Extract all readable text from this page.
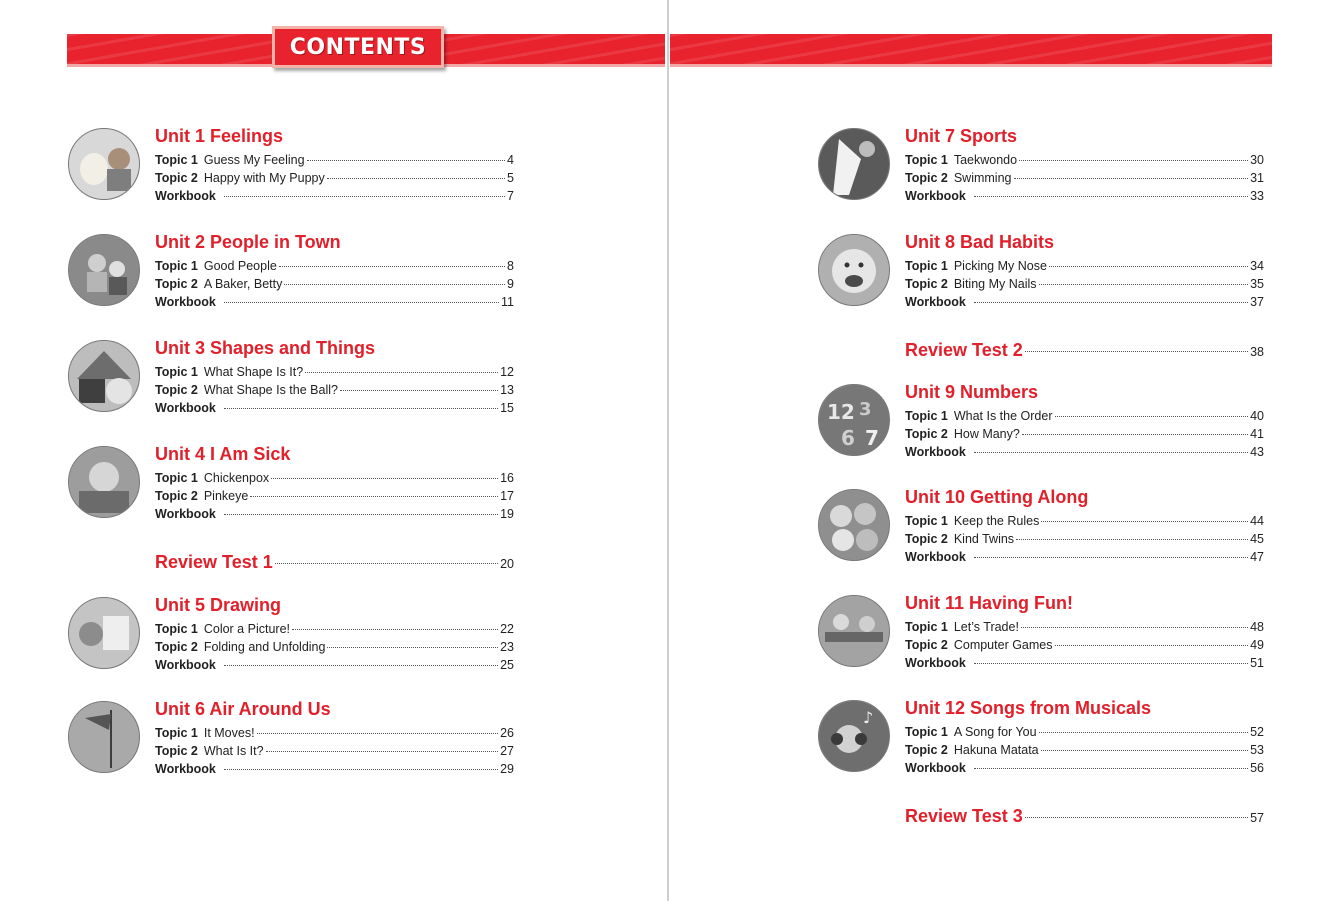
CONTENTS
Unit 1 Feelings
Topic 1 Guess My Feeling	4
Topic 2 Happy with My Puppy	5
Workbook	7
Unit 2 People in Town
Topic 1 Good People	8
Topic 2 A Baker, Betty	9
Workbook	11
Unit 3 Shapes and Things
Topic 1 What Shape Is It?	12
Topic 2 What Shape Is the Ball?	13
Workbook	15
Unit 4 I Am Sick
Topic 1 Chickenpox	16
Topic 2 Pinkeye	17
Workbook	19
Review Test 1	20
Unit 5 Drawing
Topic 1 Color a Picture!	22
Topic 2 Folding and Unfolding	23
Workbook	25
Unit 6 Air Around Us
Topic 1 It Moves!	26
Topic 2 What Is It?	27
Workbook	29
Unit 7 Sports
Topic 1 Taekwondo	30
Topic 2 Swimming	31
Workbook	33
Unit 8 Bad Habits
Topic 1 Picking My Nose	34
Topic 2 Biting My Nails	35
Workbook	37
Review Test 2	38
12 3
6 7
Unit 9 Numbers
Topic 1 What Is the Order	40
Topic 2 How Many?	41
Workbook	43
Unit 10 Getting Along
Topic 1 Keep the Rules	44
Topic 2 Kind Twins	45
Workbook	47
Unit 11 Having Fun!
Topic 1 Let’s Trade!	48
Topic 2 Computer Games	49
Workbook	51
♪ Unit 12 Songs from Musicals
Topic 1 A Song for You	52
Topic 2 Hakuna Matata	53
Workbook	56
Review Test 3	57
